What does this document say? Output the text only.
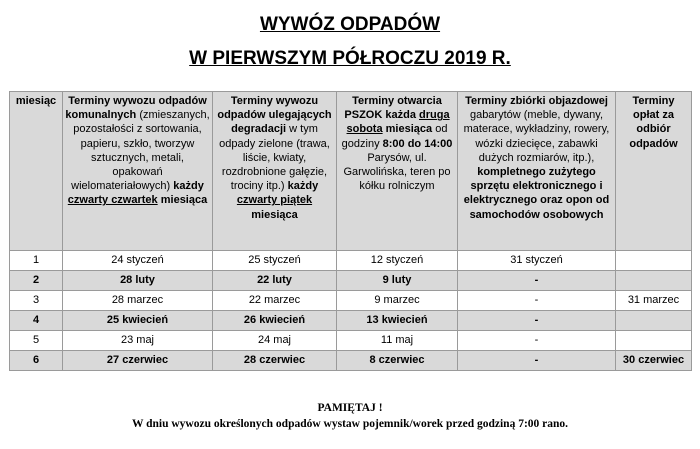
WYWÓZ ODPADÓW
W PIERWSZYM PÓŁROCZU 2019 R.
miesiąc	Terminy wywozu odpadów komunalnych (zmieszanych, pozostałości z sortowania, papieru, szkło, tworzyw sztucznych, metali, opakowań wielomateriałowych) każdy czwarty czwartek miesiąca	Terminy wywozu odpadów ulegających degradacji w tym odpady zielone (trawa, liście, kwiaty, rozdrobnione gałęzie, trociny itp.) każdy czwarty piątek miesiąca	Terminy otwarcia PSZOK każda druga sobota miesiąca od godziny 8:00 do 14:00 Parysów, ul. Garwolińska, teren po kółku rolniczym	Terminy zbiórki objazdowej gabarytów (meble, dywany, materace, wykładziny, rowery, wózki dziecięce, zabawki dużych rozmiarów, itp.), kompletnego zużytego sprzętu elektronicznego i elektrycznego oraz opon od samochodów osobowych	Terminy opłat za odbiór odpadów
1	24 styczeń	25 styczeń	12 styczeń	31 styczeń	
2	28 luty	22 luty	9 luty	-	
3	28 marzec	22 marzec	9 marzec	-	31 marzec
4	25 kwiecień	26 kwiecień	13 kwiecień	-	
5	23 maj	24 maj	11 maj	-	
6	27 czerwiec	28 czerwiec	8 czerwiec	-	30 czerwiec
PAMIĘTAJ !
W dniu wywozu określonych odpadów wystaw pojemnik/worek przed godziną 7:00 rano.
